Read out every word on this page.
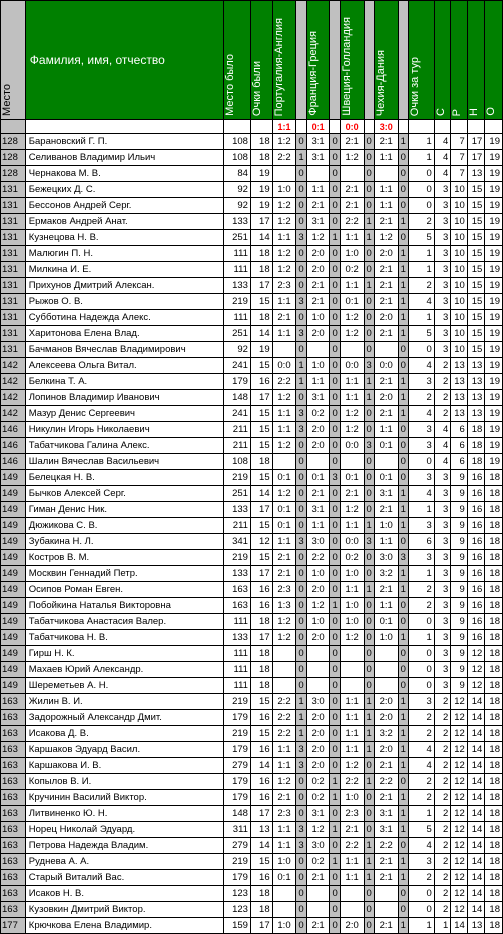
Место	Фамилия, имя, отчество	Место было	Очки были	Португалия-Англия		Франция-Греция		Швеция-Голландия		Чехия-Дания		Очки за тур	С	Р	Н	О

				1:1		0:1		0:0		3:0						
128	Барановский Г. П.	108	18	1:2	0	3:1	0	2:1	0	2:1	1	1	4	7	17	19
128	Селиванов Владимир Ильич	108	18	2:2	1	3:1	0	1:2	0	1:1	0	1	4	7	17	19
128	Чернакова М. В.	84	19		0		0		0		0	0	4	7	13	19
131	Бежецких Д. С.	92	19	1:0	0	1:1	0	2:1	0	1:1	0	0	3	10	15	19
131	Бессонов Андрей Серг.	92	19	1:2	0	2:1	0	2:1	0	1:1	0	0	3	10	15	19
131	Ермаков Андрей Анат.	133	17	1:2	0	3:1	0	2:2	1	2:1	1	2	3	10	15	19
131	Кузнецова Н. В.	251	14	1:1	3	1:2	1	1:1	1	1:2	0	5	3	10	15	19
131	Малюгин П. Н.	111	18	1:2	0	2:0	0	1:0	0	2:0	1	1	3	10	15	19
131	Милкина И. Е.	111	18	1:2	0	2:0	0	0:2	0	2:1	1	1	3	10	15	19
131	Прихунов Дмитрий Алексан.	133	17	2:3	0	2:1	0	1:1	1	2:1	1	2	3	10	15	19
131	Рыжов О. В.	219	15	1:1	3	2:1	0	0:1	0	2:1	1	4	3	10	15	19
131	Субботина Надежда Алекс.	111	18	2:1	0	1:0	0	1:2	0	2:0	1	1	3	10	15	19
131	Харитонова Елена Влад.	251	14	1:1	3	2:0	0	1:2	0	2:1	1	5	3	10	15	19
131	Бачманов Вячеслав Владимирович	92	19		0		0		0		0	0	3	10	15	19
142	Алексеева Ольга Витал.	241	15	0:0	1	1:0	0	0:0	3	0:0	0	4	2	13	13	19
142	Белкина Т. А.	179	16	2:2	1	1:1	0	1:1	1	2:1	1	3	2	13	13	19
142	Лопинов Владимир Иванович	148	17	1:2	0	3:1	0	1:1	1	2:0	1	2	2	13	13	19
142	Мазур Денис Сергеевич	241	15	1:1	3	0:2	0	1:2	0	2:1	1	4	2	13	13	19
146	Никулин Игорь Николаевич	211	15	1:1	3	2:0	0	1:2	0	1:1	0	3	4	6	18	19
146	Табатчикова Галина Алекс.	211	15	1:2	0	2:0	0	0:0	3	0:1	0	3	4	6	18	19
146	Шалин Вячеслав Васильевич	108	18		0		0		0		0	0	4	6	18	19
149	Белецкая Н. В.	219	15	0:1	0	0:1	3	0:1	0	0:1	0	3	3	9	16	18
149	Бычков Алексей Серг.	251	14	1:2	0	2:1	0	2:1	0	3:1	1	4	3	9	16	18
149	Гиман Денис Ник.	133	17	0:1	0	3:1	0	1:2	0	2:1	1	1	3	9	16	18
149	Дюжикова С. В.	211	15	0:1	0	1:1	0	1:1	1	1:0	1	3	3	9	16	18
149	Зубакина Н. Л.	341	12	1:1	3	3:0	0	0:0	3	1:1	0	6	3	9	16	18
149	Костров В. М.	219	15	2:1	0	2:2	0	0:2	0	3:0	3	3	3	9	16	18
149	Москвин Геннадий Петр.	133	17	2:1	0	1:0	0	1:0	0	3:2	1	1	3	9	16	18
149	Осипов Роман Евген.	163	16	2:3	0	2:0	0	1:1	1	2:1	1	2	3	9	16	18
149	Побойкина Наталья Викторовна	163	16	1:3	0	1:2	1	1:0	0	1:1	0	2	3	9	16	18
149	Табатчикова Анастасия Валер.	111	18	1:2	0	1:0	0	1:0	0	0:1	0	0	3	9	16	18
149	Табатчикова Н. В.	133	17	1:2	0	2:0	0	1:2	0	1:0	1	1	3	9	16	18
149	Гирш Н. К.	111	18		0		0		0		0	0	3	9	12	18
149	Махаев Юрий Александр.	111	18		0		0		0		0	0	3	9	12	18
149	Шереметьев А. Н.	111	18		0		0		0		0	0	3	9	12	18
163	Жилин В. И.	219	15	2:2	1	3:0	0	1:1	1	2:0	1	3	2	12	14	18
163	Задорожный Александр Дмит.	179	16	2:2	1	2:0	0	1:1	1	2:0	1	2	2	12	14	18
163	Исакова Д. В.	219	15	2:2	1	2:0	0	1:1	1	3:2	1	2	2	12	14	18
163	Каршаков Эдуард Васил.	179	16	1:1	3	2:0	0	1:1	1	2:0	1	4	2	12	14	18
163	Каршакова И. В.	279	14	1:1	3	2:0	0	1:2	0	2:1	1	4	2	12	14	18
163	Копылов В. И.	179	16	1:2	0	0:2	1	2:2	1	2:2	0	2	2	12	14	18
163	Кручинин Василий Виктор.	179	16	2:1	0	0:2	1	1:0	0	2:1	1	2	2	12	14	18
163	Литвиненко Ю. Н.	148	17	2:3	0	3:1	0	2:3	0	3:1	1	1	2	12	14	18
163	Норец Николай Эдуард.	311	13	1:1	3	1:2	1	2:1	0	3:1	1	5	2	12	14	18
163	Петрова Надежда Владим.	279	14	1:1	3	3:0	0	2:2	1	2:2	0	4	2	12	14	18
163	Руднева А. А.	219	15	1:0	0	0:2	1	1:1	1	2:1	1	3	2	12	14	18
163	Старый Виталий Вас.	179	16	0:1	0	2:1	0	1:1	1	2:1	1	2	2	12	14	18
163	Исаков Н. В.	123	18		0		0		0		0	0	2	12	14	18
163	Кузовкин Дмитрий Виктор.	123	18		0		0		0		0	0	2	12	14	18
177	Крючкова Елена Владимир.	159	17	1:0	0	2:1	0	2:0	0	2:1	1	1	1	14	13	18
